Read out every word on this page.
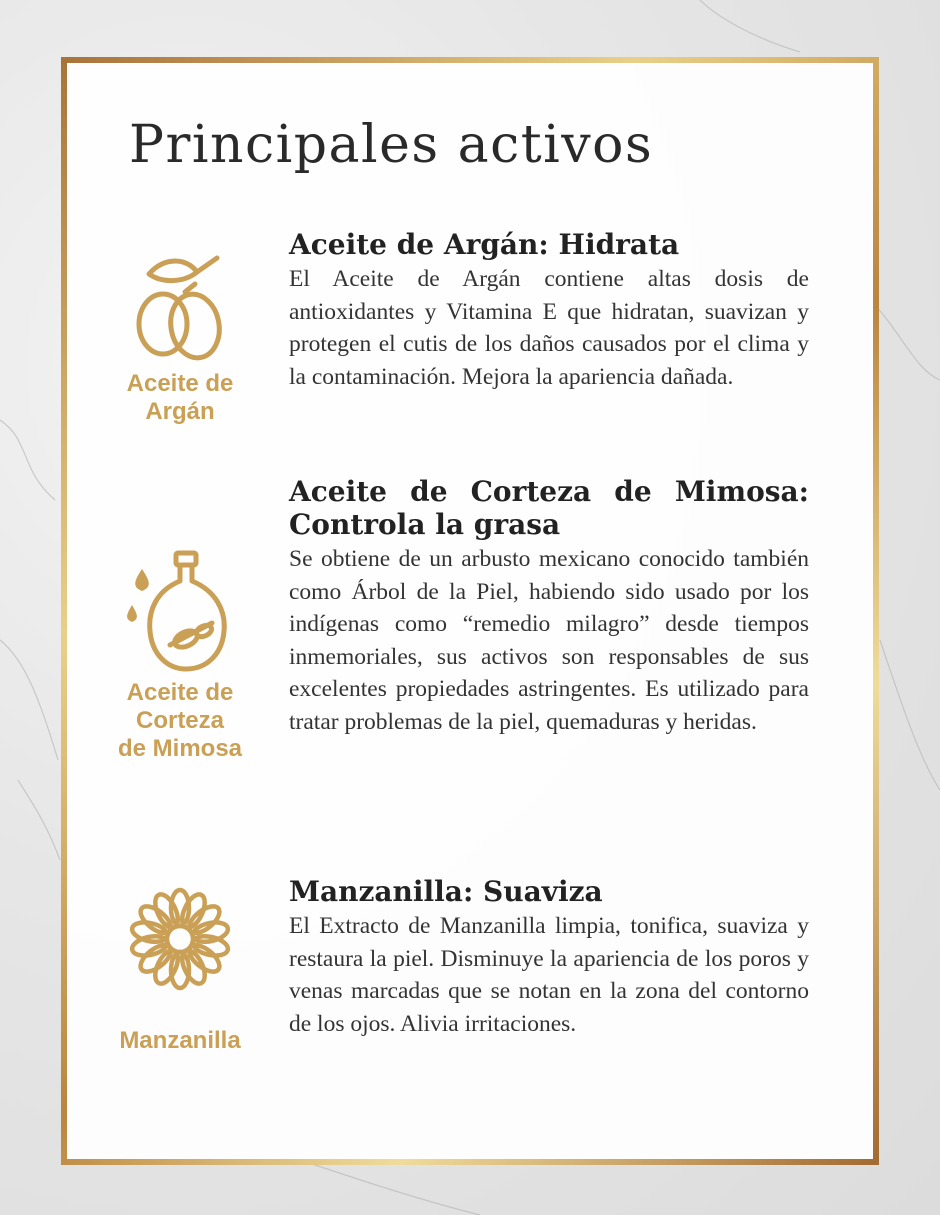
Principales activos
Aceite de
Argán
Aceite de Argán: Hidrata

El Aceite de Argán contiene altas dosis de antioxidantes y Vitamina E que hidratan, suavizan y protegen el cutis de los daños causados por el clima y la contaminación. Mejora la apariencia dañada.

Aceite de
Corteza
de Mimosa
Aceite de Corteza de Mimosa: Controla la grasa

Se obtiene de un arbusto mexicano conocido también como Árbol de la Piel, habiendo sido usado por los indígenas como “remedio milagro” desde tiempos inmemoriales, sus activos son responsables de sus excelentes propiedades astringentes. Es utilizado para tratar problemas de la piel, quemaduras y heridas.

Manzanilla
Manzanilla: Suaviza

El Extracto de Manzanilla limpia, tonifica, suaviza y restaura la piel. Disminuye la apariencia de los poros y venas marcadas que se notan en la zona del contorno de los ojos. Alivia irritaciones.
